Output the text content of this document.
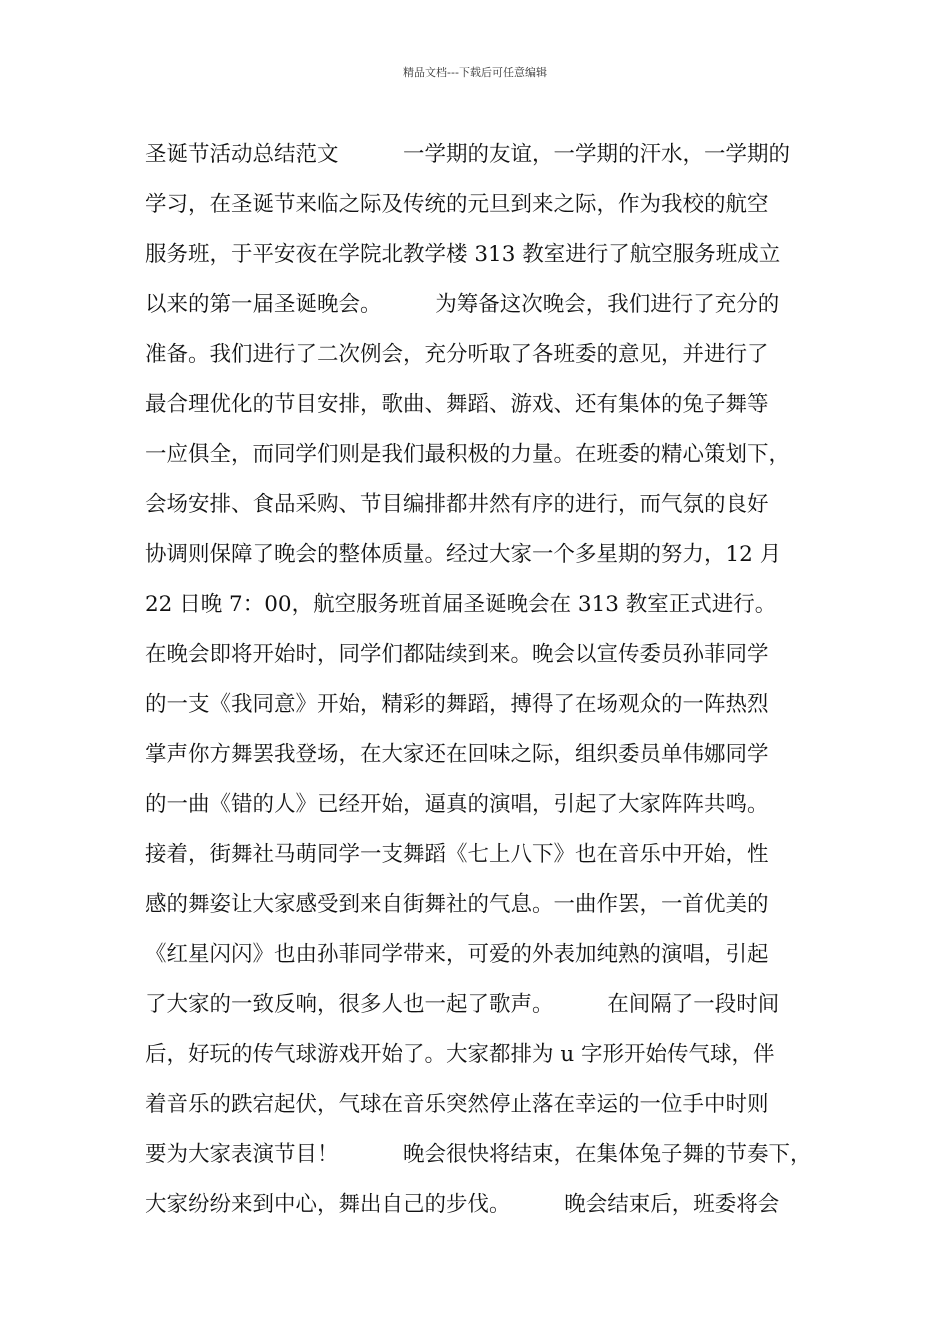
精品文档---下载后可任意编辑
圣诞节活动总结范文　　　一学期的友谊，一学期的汗水，一学期的
学习，在圣诞节来临之际及传统的元旦到来之际，作为我校的航空
服务班，于平安夜在学院北教学楼 313 教室进行了航空服务班成立
以来的第一届圣诞晚会。　　　为筹备这次晚会，我们进行了充分的
准备。我们进行了二次例会，充分听取了各班委的意见，并进行了
最合理优化的节目安排，歌曲、舞蹈、游戏、还有集体的兔子舞等
一应俱全，而同学们则是我们最积极的力量。在班委的精心策划下，
会场安排、食品采购、节目编排都井然有序的进行，而气氛的良好
协调则保障了晚会的整体质量。经过大家一个多星期的努力，12 月
22 日晚 7：00，航空服务班首届圣诞晚会在 313 教室正式进行。
在晚会即将开始时，同学们都陆续到来。晚会以宣传委员孙菲同学
的一支《我同意》开始，精彩的舞蹈，搏得了在场观众的一阵热烈
掌声你方舞罢我登场，在大家还在回味之际，组织委员单伟娜同学
的一曲《错的人》已经开始，逼真的演唱，引起了大家阵阵共鸣。
接着，街舞社马萌同学一支舞蹈《七上八下》也在音乐中开始，性
感的舞姿让大家感受到来自街舞社的气息。一曲作罢，一首优美的
《红星闪闪》也由孙菲同学带来，可爱的外表加纯熟的演唱，引起
了大家的一致反响，很多人也一起了歌声。　　　在间隔了一段时间
后，好玩的传气球游戏开始了。大家都排为 u 字形开始传气球，伴
着音乐的跌宕起伏，气球在音乐突然停止落在幸运的一位手中时则
要为大家表演节目！　　　晚会很快将结束，在集体兔子舞的节奏下，
大家纷纷来到中心，舞出自己的步伐。　　　晚会结束后，班委将会
